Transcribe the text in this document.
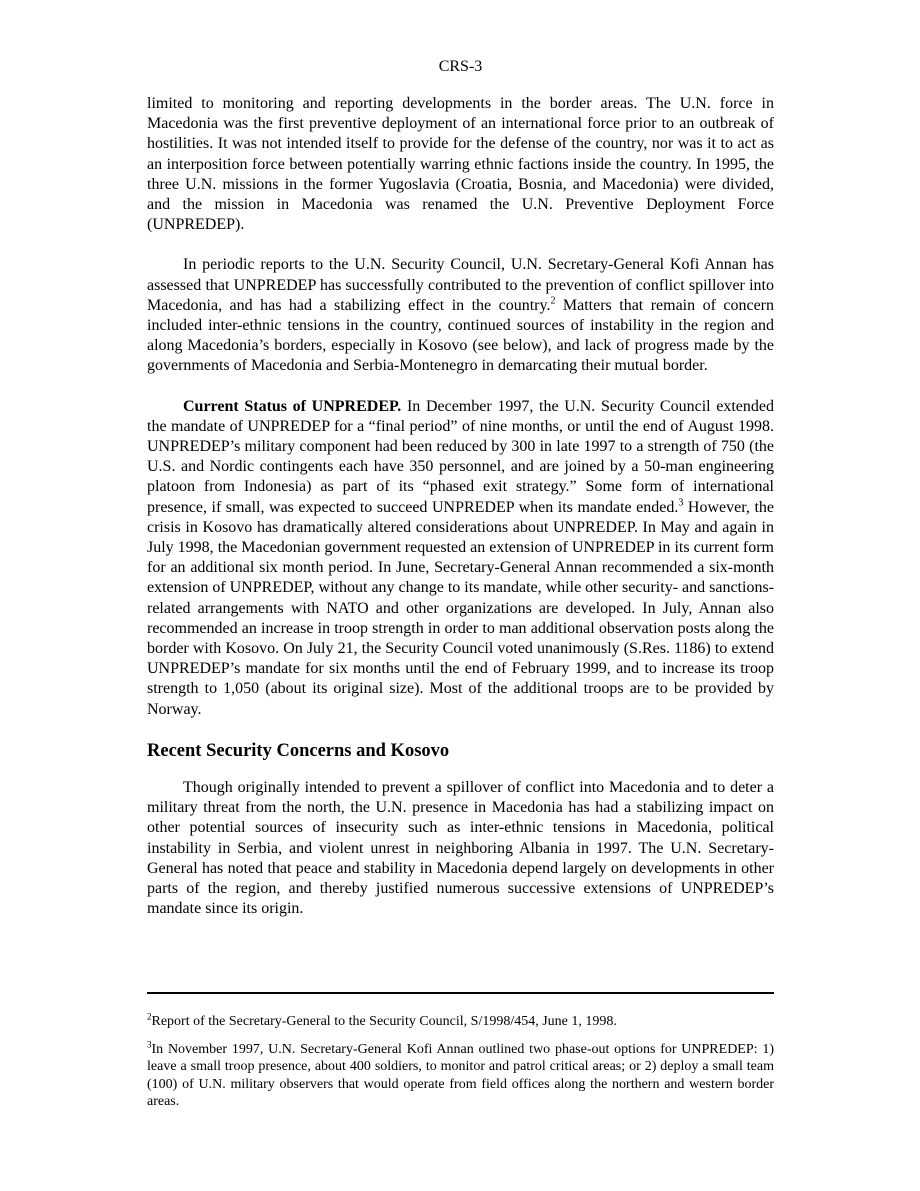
CRS-3

limited to monitoring and reporting developments in the border areas. The U.N. force in Macedonia was the first preventive deployment of an international force prior to an outbreak of hostilities. It was not intended itself to provide for the defense of the country, nor was it to act as an interposition force between potentially warring ethnic factions inside the country. In 1995, the three U.N. missions in the former Yugoslavia (Croatia, Bosnia, and Macedonia) were divided, and the mission in Macedonia was renamed the U.N. Preventive Deployment Force (UNPREDEP).

In periodic reports to the U.N. Security Council, U.N. Secretary-General Kofi Annan has assessed that UNPREDEP has successfully contributed to the prevention of conflict spillover into Macedonia, and has had a stabilizing effect in the country.$^2$ Matters that remain of concern included inter-ethnic tensions in the country, continued sources of instability in the region and along Macedonia’s borders, especially in Kosovo (see below), and lack of progress made by the governments of Macedonia and Serbia-Montenegro in demarcating their mutual border.

Current Status of UNPREDEP. In December 1997, the U.N. Security Council extended the mandate of UNPREDEP for a “final period” of nine months, or until the end of August 1998. UNPREDEP’s military component had been reduced by 300 in late 1997 to a strength of 750 (the U.S. and Nordic contingents each have 350 personnel, and are joined by a 50-man engineering platoon from Indonesia) as part of its “phased exit strategy.” Some form of international presence, if small, was expected to succeed UNPREDEP when its mandate ended.$^3$ However, the crisis in Kosovo has dramatically altered considerations about UNPREDEP. In May and again in July 1998, the Macedonian government requested an extension of UNPREDEP in its current form for an additional six month period. In June, Secretary-General Annan recommended a six-month extension of UNPREDEP, without any change to its mandate, while other security- and sanctions-related arrangements with NATO and other organizations are developed. In July, Annan also recommended an increase in troop strength in order to man additional observation posts along the border with Kosovo. On July 21, the Security Council voted unanimously (S.Res. 1186) to extend UNPREDEP’s mandate for six months until the end of February 1999, and to increase its troop strength to 1,050 (about its original size). Most of the additional troops are to be provided by Norway.

Recent Security Concerns and Kosovo

Though originally intended to prevent a spillover of conflict into Macedonia and to deter a military threat from the north, the U.N. presence in Macedonia has had a stabilizing impact on other potential sources of insecurity such as inter-ethnic tensions in Macedonia, political instability in Serbia, and violent unrest in neighboring Albania in 1997. The U.N. Secretary-General has noted that peace and stability in Macedonia depend largely on developments in other parts of the region, and thereby justified numerous successive extensions of UNPREDEP’s mandate since its origin.

$^2$Report of the Secretary-General to the Security Council, S/1998/454, June 1, 1998.

$^3$In November 1997, U.N. Secretary-General Kofi Annan outlined two phase-out options for UNPREDEP: 1) leave a small troop presence, about 400 soldiers, to monitor and patrol critical areas; or 2) deploy a small team (100) of U.N. military observers that would operate from field offices along the northern and western border areas.
